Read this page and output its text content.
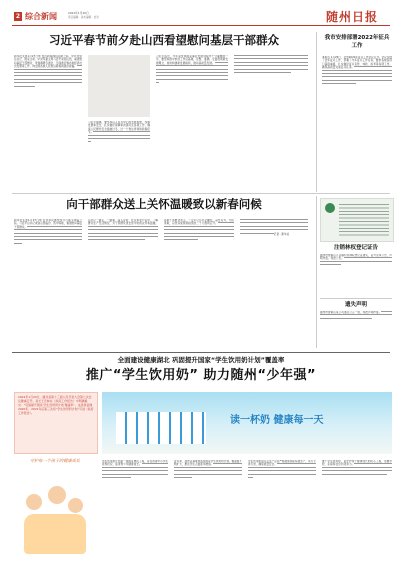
2 综合新闻	2022年1月26日
责任编辑 · 美术编辑 · 校对	随州日报
习近平春节前夕赴山西看望慰问基层干部群众
新华社太原1月27日电 农历新春即将到来之际，中共中央总书记、国家主席、中央军委主席习近平来到山西，看望慰问基层干部群众，考察调研冬奥会、冬残奥会筹办和经济社会发展等工作，向全国各族人民致以新春的美好祝福。
习近平强调，要坚持以人民为中心的发展思想，统筹发展和安全，扎实做好保障和改善民生各项工作，确保人民群众安全温暖过冬，过一个欢乐祥和的新春佳节。
习近平指出，今年是党和国家事业发展进程中十分重要的一年，要坚持稳中求进工作总基调，完整、准确、全面贯彻新发展理念，加快构建新发展格局，推动高质量发展。
我市安排部署2022年征兵工作
本报讯 1月25日，全市2022年征兵工作会议召开。会议总结了去年征兵工作，部署了今年征兵工作任务，要求各地各部门高度重视，扎实做好征兵宣传、体检、政考等各项工作，确保高质量完成征兵任务。
向干部群众送上关怀温暖致以新春问候
新华社太原1月27日电 在中华民族传统节日春节来临之际，习近平总书记来到山西临汾、晋中等地，看望慰问基层干部群众。
总书记一路走、一路看，深入乡村、社区和农户家中，了解群众生产生活情况，为干部群众送去党中央的关怀和温暖。
各地干部群众表示，一定牢记总书记嘱托，奋发有为、开拓进取，以优异成绩迎接党的二十大胜利召开。
记者 · 新华社
注销林权登记证告
随州市曾都区万店镇村民林权登记证遗失，证号见本公告，声明作废。特此公告。
遗失声明
随州市曾都区某公司遗失公章一枚，特此声明作废。
全面建设健康湖北 巩固提升国家“学生饮用奶计划”覆盖率
推广“学生饮用奶” 助力随州“少年强”
2022年1月20日，湖北省第十三届人民代表大会第七次会议隆重召开。省长王忠林在《政府工作报告》中明确提出：“巩固提升国家‘学生饮用奶计划’覆盖率”。这是我省继2020年、2021年后第三次将“学生饮用奶计划”写进《政府工作报告》。
读一杯奶 健康每一天
守护每一个孩子的健康成长	学生饮用奶计划是一项国家惠民工程，旨在改善中小学生营养状况，促进青少年健康成长。
近年来，我市认真贯彻落实国家学生饮用奶计划，覆盖面不断扩大，惠及学生人数逐年增加。
学生饮用奶由定点生产企业严格按照国家标准生产，实行专供专送，确保质量安全。
推广学生饮用奶，是守护孩子健康成长的民心工程，需要学校、家庭和社会共同努力。
